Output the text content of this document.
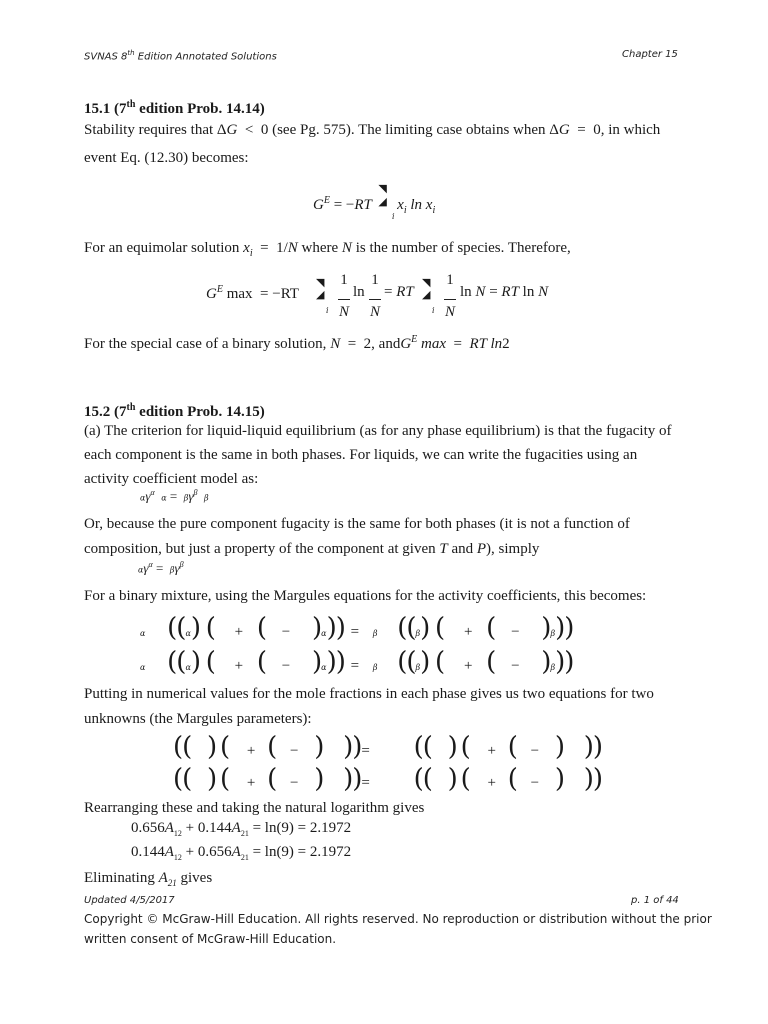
SVNAS 8th Edition Annotated Solutions	Chapter 15
15.1 (7th edition Prob. 14.14)
Stability requires that ΔG  <  0 (see Pg. 575). The limiting case obtains when ΔG  =  0, in which
event Eq. (12.30) becomes:
$G^E = -RT$ ◥
◢ $x_i$ $\ln x_i$
i
For an equimolar solution $x_i = 1/N$ where N is the number of species. Therefore,
$G^E$ max  = −RT
◥
◢
1

N
ln
1

N
= RT
◥
◢
1

N
ln N = RT ln N
i	i
For the special case of a binary solution, N  =  2, andG$^E$ max  =  RT ln2
15.2 (7th edition Prob. 14.15)
(a) The criterion for liquid-liquid equilibrium (as for any phase equilibrium) is that the fugacity of
each component is the same in both phases. For liquids, we can write the fugacities using an
activity coefficient model as:
$\alpha\gamma^\alpha$  $\alpha = \beta\gamma^\beta$  β
Or, because the pure component fugacity is the same for both phases (it is not a function of
composition, but just a property of the component at given T and P), simply
$\alpha\gamma^\alpha = \beta\gamma^\beta$
For a binary mixture, using the Margules equations for the activity coefficients, this becomes:
α ((α) ( + ( − )α)) = β ((β) ( + ( − )β))
α ((α) ( + ( − )α)) = β ((β) ( + ( − )β))
Putting in numerical values for the mole fractions in each phase gives us two equations for two
unknowns (the Margules parameters):
(( ) ( + ( − ) ))= (( ) ( + ( − ) ))
(( ) ( + ( − ) ))= (( ) ( + ( − ) ))
Rearranging these and taking the natural logarithm gives
$0.656A_{12} + 0.144A_{21} = \ln(9) = 2.1972$
$0.144A_{12} + 0.656A_{21} = \ln(9) = 2.1972$
Eliminating $A_{21}$ gives
Updated 4/5/2017	p. 1 of 44
Copyright © McGraw-Hill Education. All rights reserved. No reproduction or distribution without the prior
written consent of McGraw-Hill Education.
